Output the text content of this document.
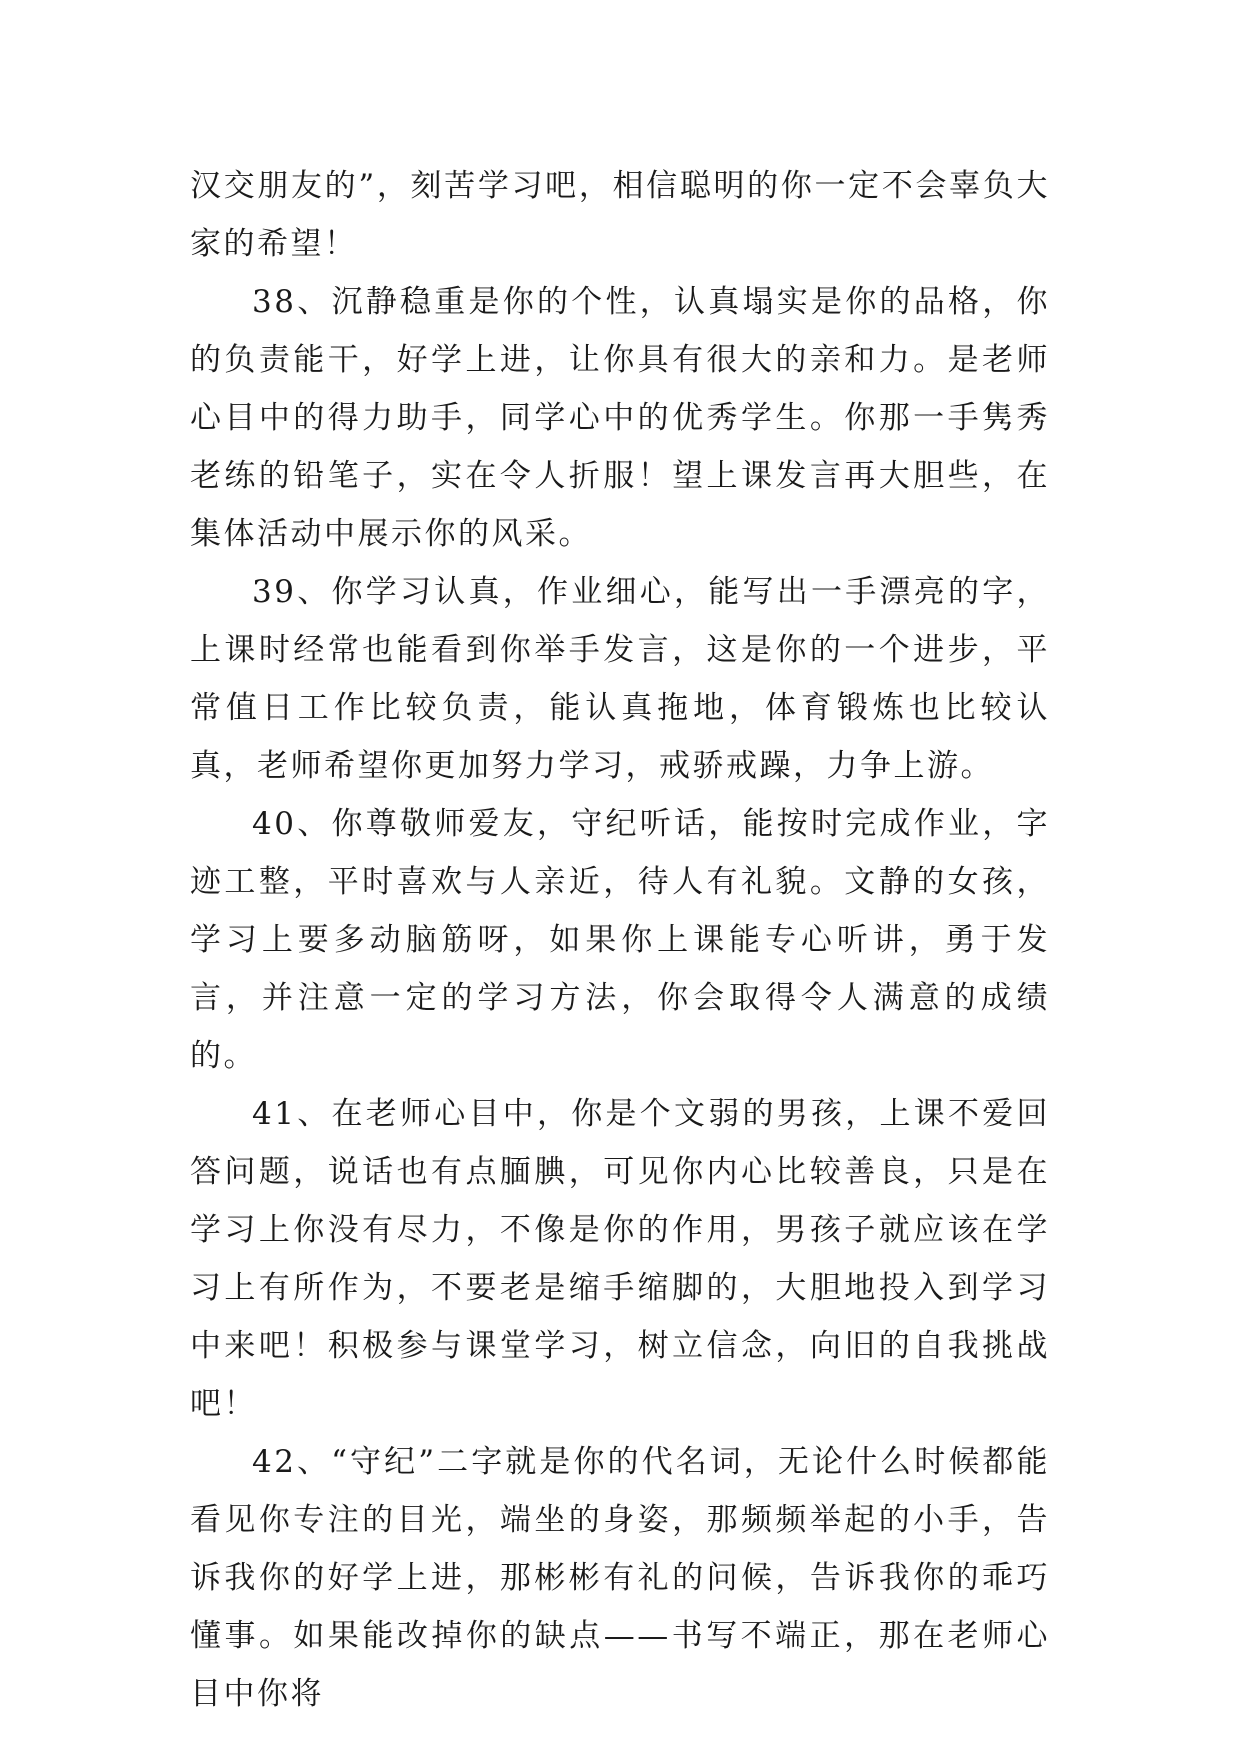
汉交朋友的”，刻苦学习吧，相信聪明的你一定不会辜负大家的希望！

38、沉静稳重是你的个性，认真塌实是你的品格，你的负责能干，好学上进，让你具有很大的亲和力。是老师心目中的得力助手，同学心中的优秀学生。你那一手隽秀老练的铅笔子，实在令人折服！望上课发言再大胆些，在集体活动中展示你的风采。

39、你学习认真，作业细心，能写出一手漂亮的字，上课时经常也能看到你举手发言，这是你的一个进步，平常值日工作比较负责，能认真拖地，体育锻炼也比较认真，老师希望你更加努力学习，戒骄戒躁，力争上游。

40、你尊敬师爱友，守纪听话，能按时完成作业，字迹工整，平时喜欢与人亲近，待人有礼貌。文静的女孩，学习上要多动脑筋呀，如果你上课能专心听讲，勇于发言，并注意一定的学习方法，你会取得令人满意的成绩的。

41、在老师心目中，你是个文弱的男孩，上课不爱回答问题，说话也有点腼腆，可见你内心比较善良，只是在学习上你没有尽力，不像是你的作用，男孩子就应该在学习上有所作为，不要老是缩手缩脚的，大胆地投入到学习中来吧！积极参与课堂学习，树立信念，向旧的自我挑战吧！

42、“守纪”二字就是你的代名词，无论什么时候都能看见你专注的目光，端坐的身姿，那频频举起的小手，告诉我你的好学上进，那彬彬有礼的问候，告诉我你的乖巧懂事。如果能改掉你的缺点——书写不端正，那在老师心目中你将
